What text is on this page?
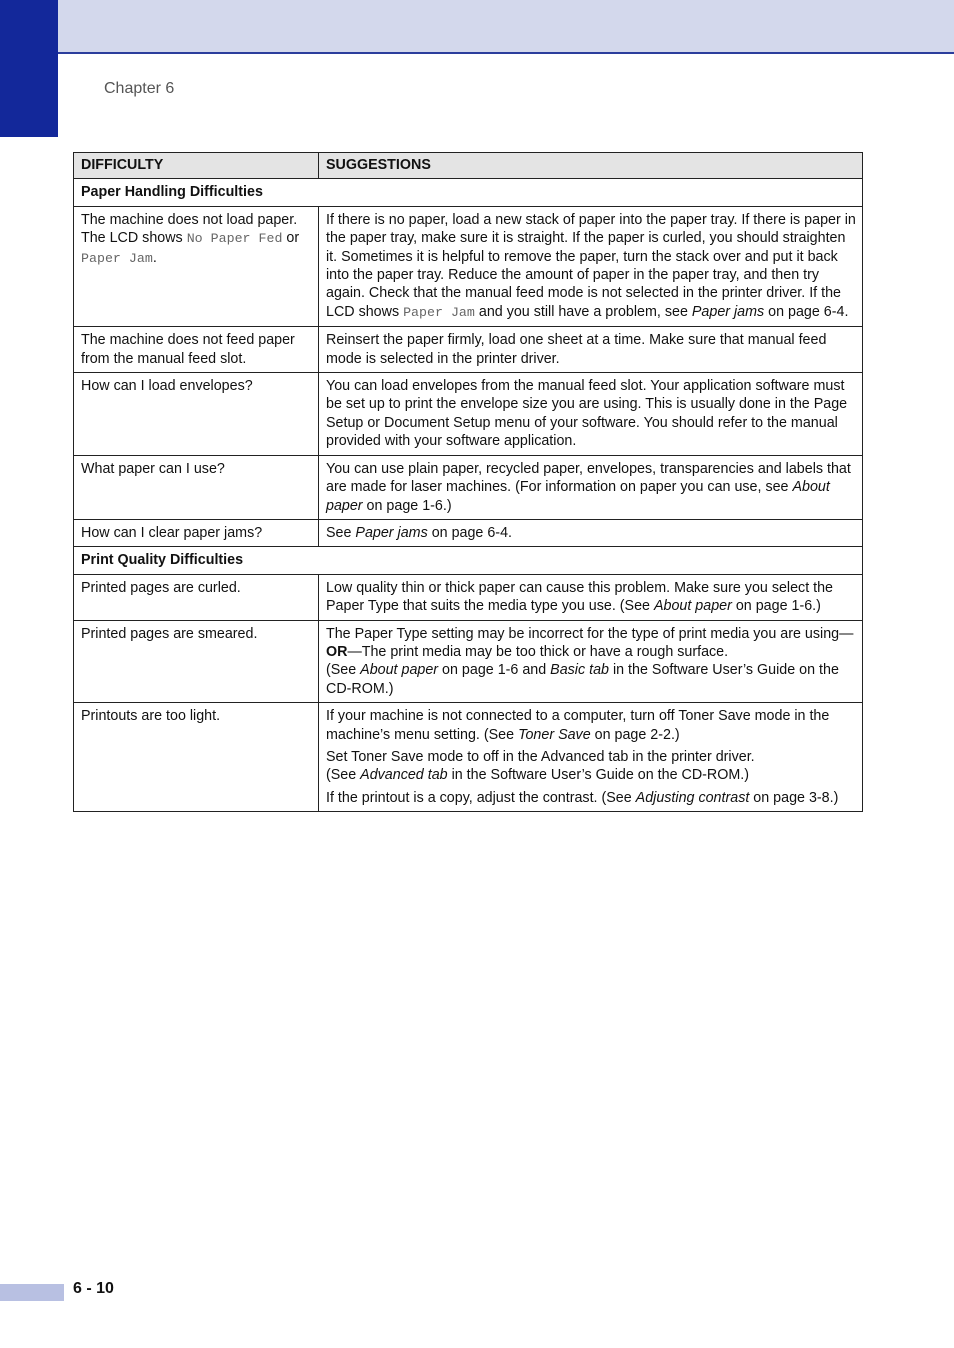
Chapter 6
DIFFICULTY	SUGGESTIONS
Paper Handling Difficulties	
The machine does not load paper. The LCD shows No Paper Fed or Paper Jam.	If there is no paper, load a new stack of paper into the paper tray. If there is paper in the paper tray, make sure it is straight. If the paper is curled, you should straighten it. Sometimes it is helpful to remove the paper, turn the stack over and put it back into the paper tray. Reduce the amount of paper in the paper tray, and then try again. Check that the manual feed mode is not selected in the printer driver. If the LCD shows Paper Jam and you still have a problem, see Paper jams on page 6-4.
The machine does not feed paper from the manual feed slot.	Reinsert the paper firmly, load one sheet at a time. Make sure that manual feed mode is selected in the printer driver.
How can I load envelopes?	You can load envelopes from the manual feed slot. Your application software must be set up to print the envelope size you are using. This is usually done in the Page Setup or Document Setup menu of your software. You should refer to the manual provided with your software application.
What paper can I use?	You can use plain paper, recycled paper, envelopes, transparencies and labels that are made for laser machines. (For information on paper you can use, see About paper on page 1-6.)
How can I clear paper jams?	See Paper jams on page 6-4.
Print Quality Difficulties	
Printed pages are curled.	Low quality thin or thick paper can cause this problem. Make sure you select the Paper Type that suits the media type you use. (See About paper on page 1-6.)
Printed pages are smeared.	The Paper Type setting may be incorrect for the type of print media you are using—OR—The print media may be too thick or have a rough surface.
(See About paper on page 1-6 and Basic tab in the Software User’s Guide on the CD-ROM.)
Printouts are too light.	If your machine is not connected to a computer, turn off Toner Save mode in the machine’s menu setting. (See Toner Save on page 2-2.)

Set Toner Save mode to off in the Advanced tab in the printer driver.
(See Advanced tab in the Software User’s Guide on the CD-ROM.)

If the printout is a copy, adjust the contrast. (See Adjusting contrast on page 3-8.)

6 - 10
